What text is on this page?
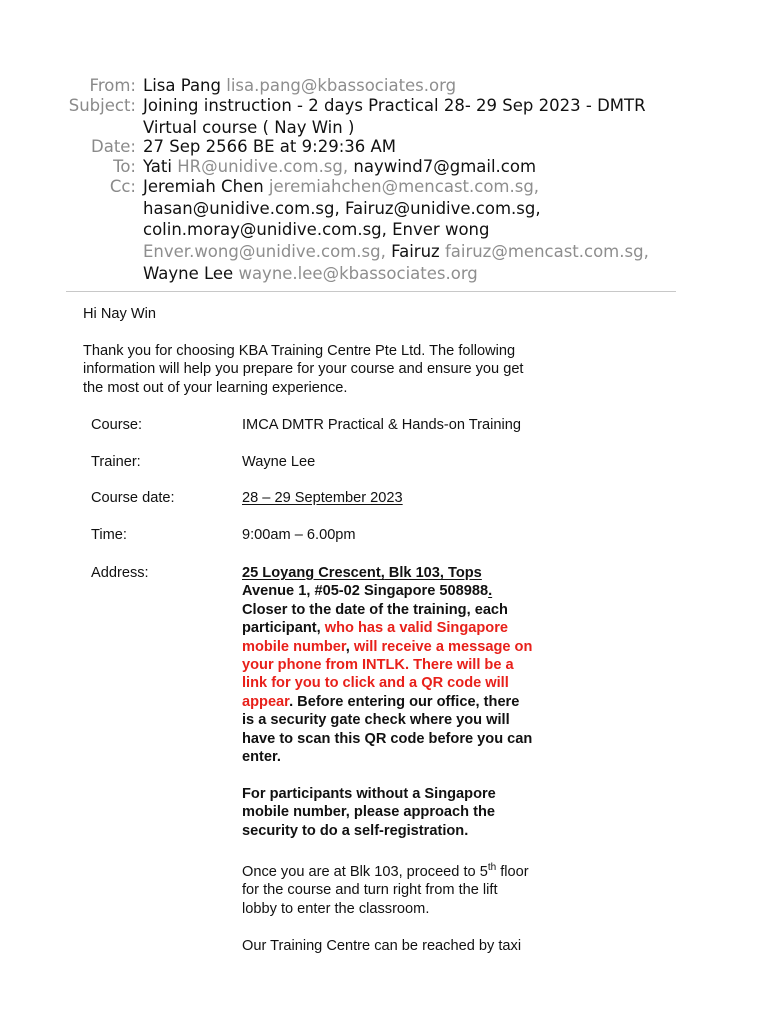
From: Lisa Pang lisa.pang@kbassociates.org
Subject: Joining instruction - 2 days Practical 28- 29 Sep 2023 - DMTR
Virtual course ( Nay Win )
Date: 27 Sep 2566 BE at 9:29:36 AM
To: Yati HR@unidive.com.sg, naywind7@gmail.com
Cc: Jeremiah Chen jeremiahchen@mencast.com.sg,
hasan@unidive.com.sg, Fairuz@unidive.com.sg,
colin.moray@unidive.com.sg, Enver wong
Enver.wong@unidive.com.sg, Fairuz fairuz@mencast.com.sg,
Wayne Lee wayne.lee@kbassociates.org
Hi Nay Win
Thank you for choosing KBA Training Centre Pte Ltd. The following
information will help you prepare for your course and ensure you get
the most out of your learning experience.
Course:	IMCA DMTR Practical & Hands-on Training
Trainer:	Wayne Lee
Course date:	28 – 29 September 2023
Time:	9:00am – 6.00pm
Address:	25 Loyang Crescent, Blk 103, Tops
Avenue 1, #05-02 Singapore 508988.
Closer to the date of the training, each
participant, who has a valid Singapore
mobile number, will receive a message on
your phone from INTLK. There will be a
link for you to click and a QR code will
appear. Before entering our office, there
is a security gate check where you will
have to scan this QR code before you can
enter.
For participants without a Singapore
mobile number, please approach the
security to do a self-registration.
Once you are at Blk 103, proceed to 5th floor
for the course and turn right from the lift
lobby to enter the classroom.
Our Training Centre can be reached by taxi
